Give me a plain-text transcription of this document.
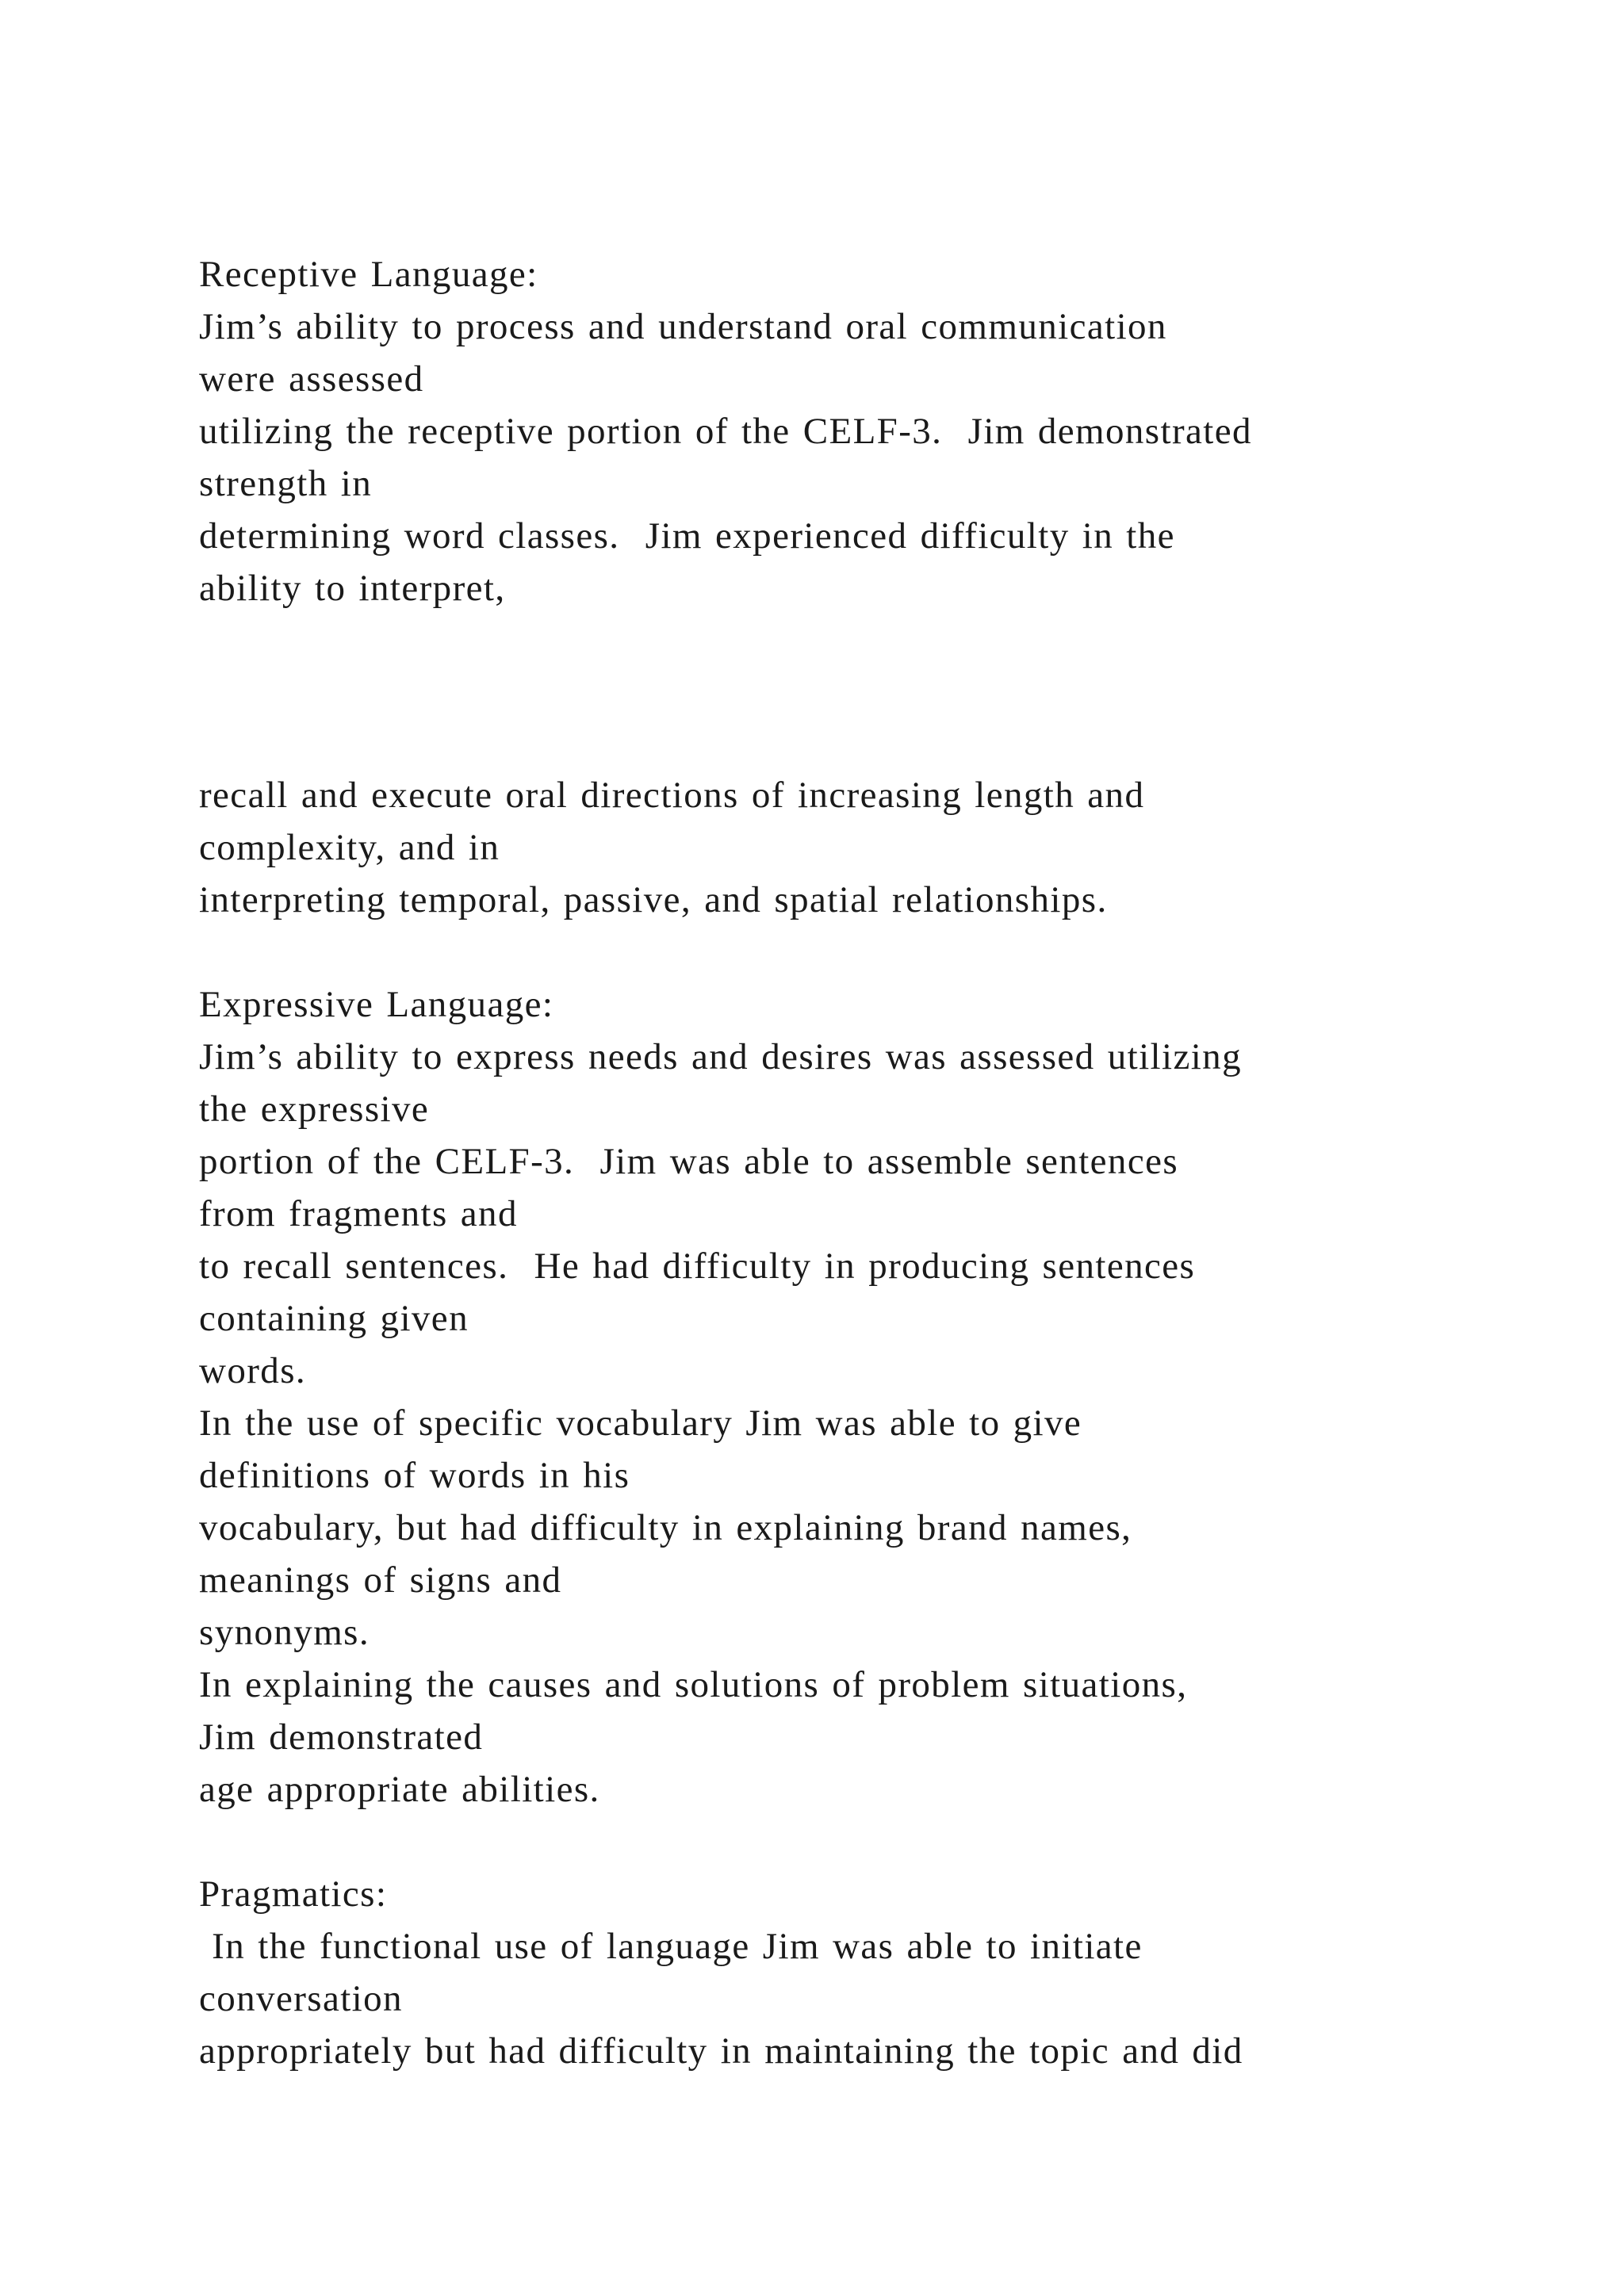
Receptive Language:
Jim’s ability to process and understand oral communication
were assessed
utilizing the receptive portion of the CELF-3.  Jim demonstrated
strength in
determining word classes.  Jim experienced difficulty in the
ability to interpret,
recall and execute oral directions of increasing length and
complexity, and in
interpreting temporal, passive, and spatial relationships.
Expressive Language:
Jim’s ability to express needs and desires was assessed utilizing
the expressive
portion of the CELF-3.  Jim was able to assemble sentences
from fragments and
to recall sentences.  He had difficulty in producing sentences
containing given
words.
In the use of specific vocabulary Jim was able to give
definitions of words in his
vocabulary, but had difficulty in explaining brand names,
meanings of signs and
synonyms.
In explaining the causes and solutions of problem situations,
Jim demonstrated
age appropriate abilities.
Pragmatics:
In the functional use of language Jim was able to initiate
conversation
appropriately but had difficulty in maintaining the topic and did
